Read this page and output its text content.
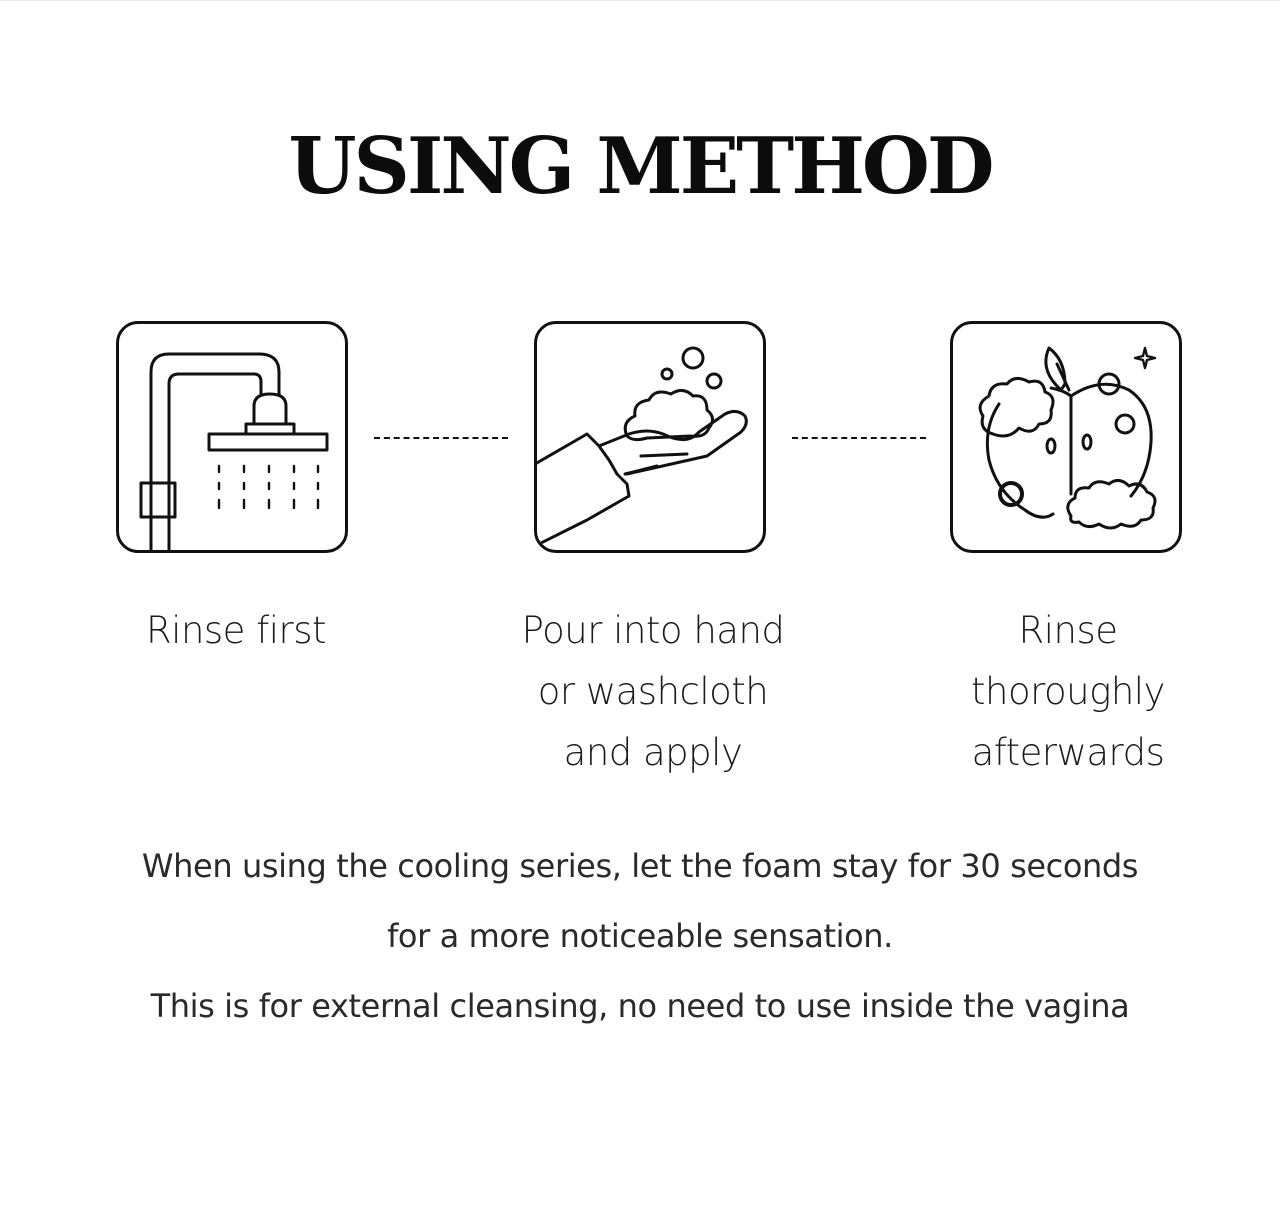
USING METHOD
Rinse first	Pour into hand
or washcloth
and apply
Rinse
thoroughly
afterwards
When using the cooling series, let the foam stay for 30 seconds
for a more noticeable sensation.
This is for external cleansing, no need to use inside the vagina
